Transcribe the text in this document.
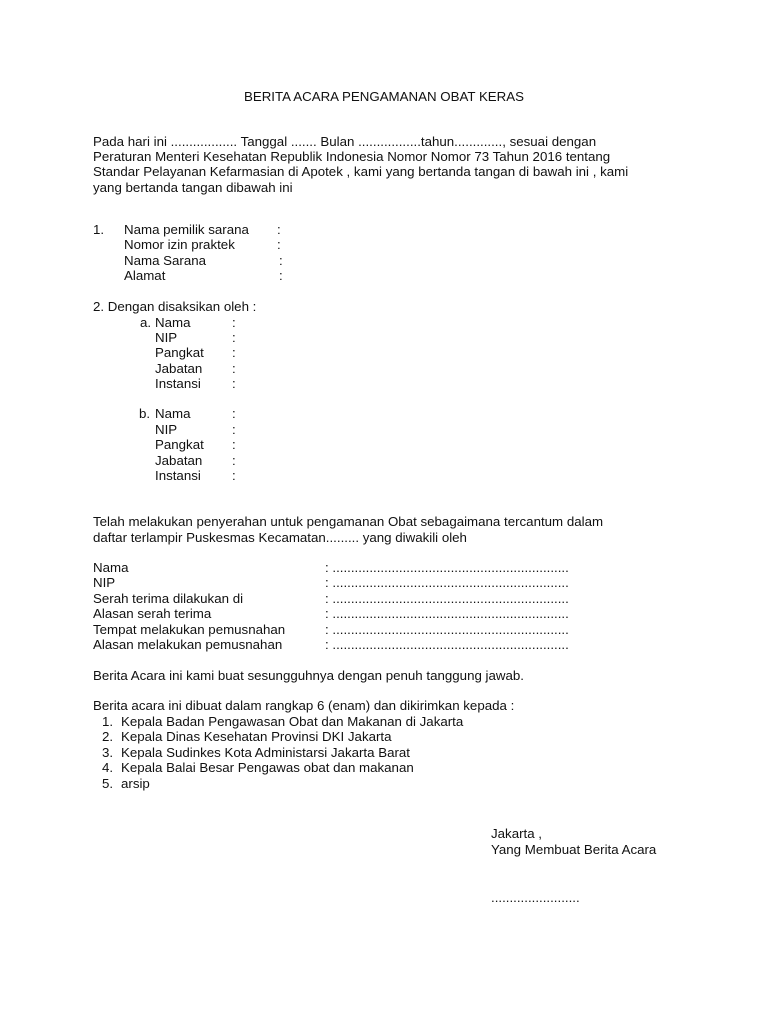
BERITA ACARA PENGAMANAN OBAT KERAS
Pada hari ini .................. Tanggal ....... Bulan .................tahun............., sesuai dengan
Peraturan Menteri Kesehatan Republik Indonesia Nomor Nomor 73 Tahun 2016 tentang
Standar Pelayanan Kefarmasian di Apotek , kami yang bertanda tangan di bawah ini , kami
yang bertanda tangan dibawah ini
1. Nama pemilik sarana :
Nomor izin praktek	:
Nama Sarana	:
Alamat	:
2. Dengan disaksikan oleh :
a. Nama	:
NIP	:
Pangkat :
Jabatan :
Instansi :
b. Nama	:
NIP	:
Pangkat :
Jabatan :
Instansi :
Telah melakukan penyerahan untuk pengamanan Obat sebagaimana tercantum dalam
daftar terlampir Puskesmas Kecamatan......... yang diwakili oleh
Nama	: ................................................................
NIP	: ................................................................
Serah terima dilakukan di	: ................................................................
Alasan serah terima	: ................................................................
Tempat melakukan pemusnahan	: ................................................................
Alasan melakukan pemusnahan	: ................................................................
Berita Acara ini kami buat sesungguhnya dengan penuh tanggung jawab.
Berita acara ini dibuat dalam rangkap 6 (enam) dan dikirimkan kepada :
1. Kepala Badan Pengawasan Obat dan Makanan di Jakarta
2. Kepala Dinas Kesehatan Provinsi DKI Jakarta
3. Kepala Sudinkes Kota Administarsi Jakarta Barat
4. Kepala Balai Besar Pengawas obat dan makanan
5. arsip
Jakarta ,
Yang Membuat Berita Acara
........................
